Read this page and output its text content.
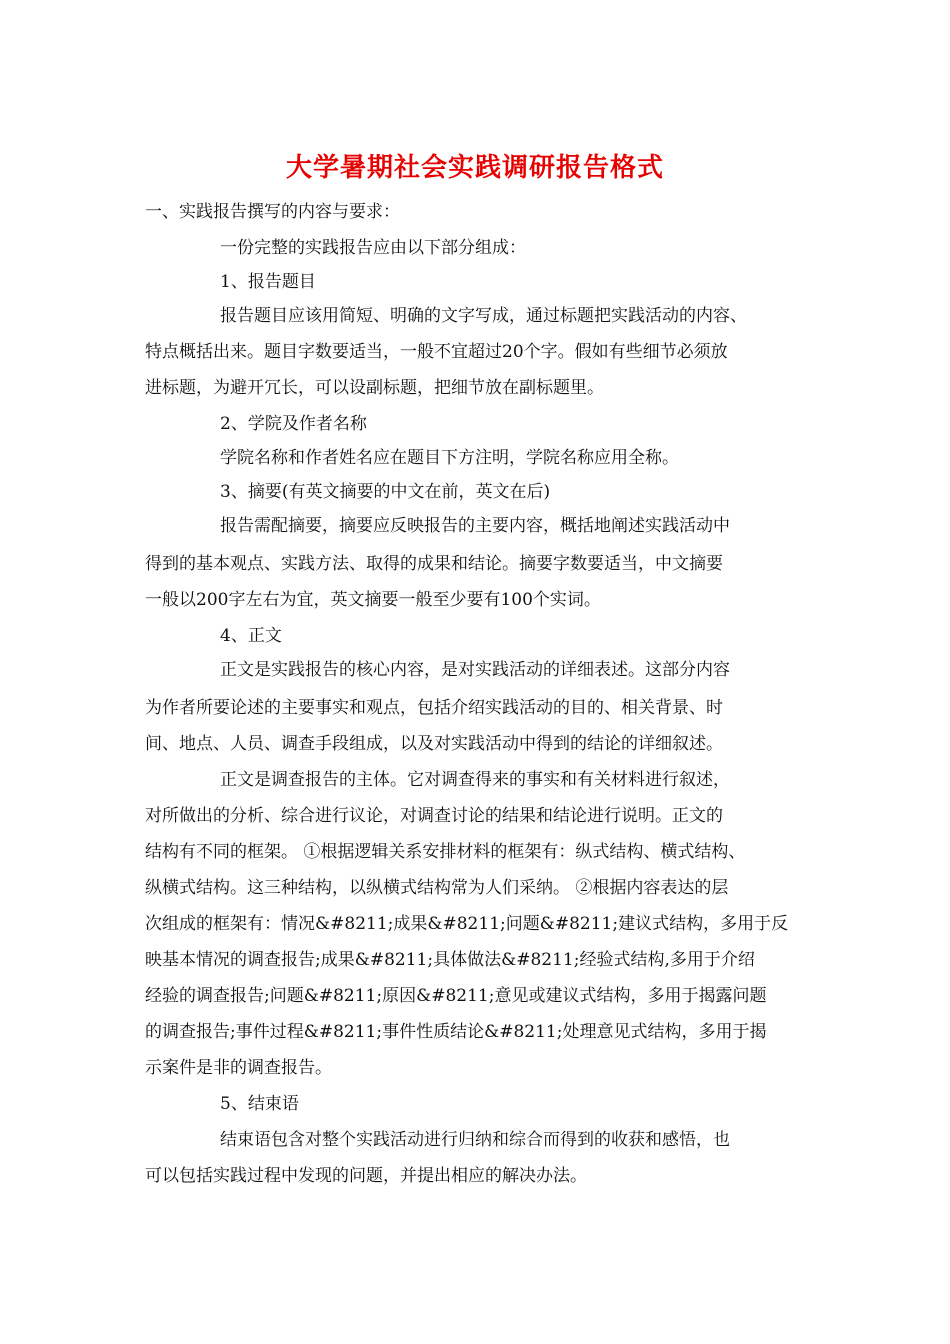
大学暑期社会实践调研报告格式
一、实践报告撰写的内容与要求：
一份完整的实践报告应由以下部分组成：
1、报告题目
报告题目应该用简短、明确的文字写成，通过标题把实践活动的内容、
特点概括出来。题目字数要适当，一般不宜超过20个字。假如有些细节必须放
进标题，为避开冗长，可以设副标题，把细节放在副标题里。
2、学院及作者名称
学院名称和作者姓名应在题目下方注明，学院名称应用全称。
3、摘要(有英文摘要的中文在前，英文在后)
报告需配摘要，摘要应反映报告的主要内容，概括地阐述实践活动中
得到的基本观点、实践方法、取得的成果和结论。摘要字数要适当，中文摘要
一般以200字左右为宜，英文摘要一般至少要有100个实词。
4、正文
正文是实践报告的核心内容，是对实践活动的详细表述。这部分内容
为作者所要论述的主要事实和观点，包括介绍实践活动的目的、相关背景、时
间、地点、人员、调查手段组成，以及对实践活动中得到的结论的详细叙述。
正文是调查报告的主体。它对调查得来的事实和有关材料进行叙述，
对所做出的分析、综合进行议论，对调查讨论的结果和结论进行说明。正文的
结构有不同的框架。 ①根据逻辑关系安排材料的框架有：纵式结构、横式结构、
纵横式结构。这三种结构，以纵横式结构常为人们采纳。 ②根据内容表达的层
次组成的框架有：情况&#8211;成果&#8211;问题&#8211;建议式结构，多用于反
映基本情况的调查报告;成果&#8211;具体做法&#8211;经验式结构,多用于介绍
经验的调查报告;问题&#8211;原因&#8211;意见或建议式结构，多用于揭露问题
的调查报告;事件过程&#8211;事件性质结论&#8211;处理意见式结构，多用于揭
示案件是非的调查报告。
5、结束语
结束语包含对整个实践活动进行归纳和综合而得到的收获和感悟，也
可以包括实践过程中发现的问题，并提出相应的解决办法。
